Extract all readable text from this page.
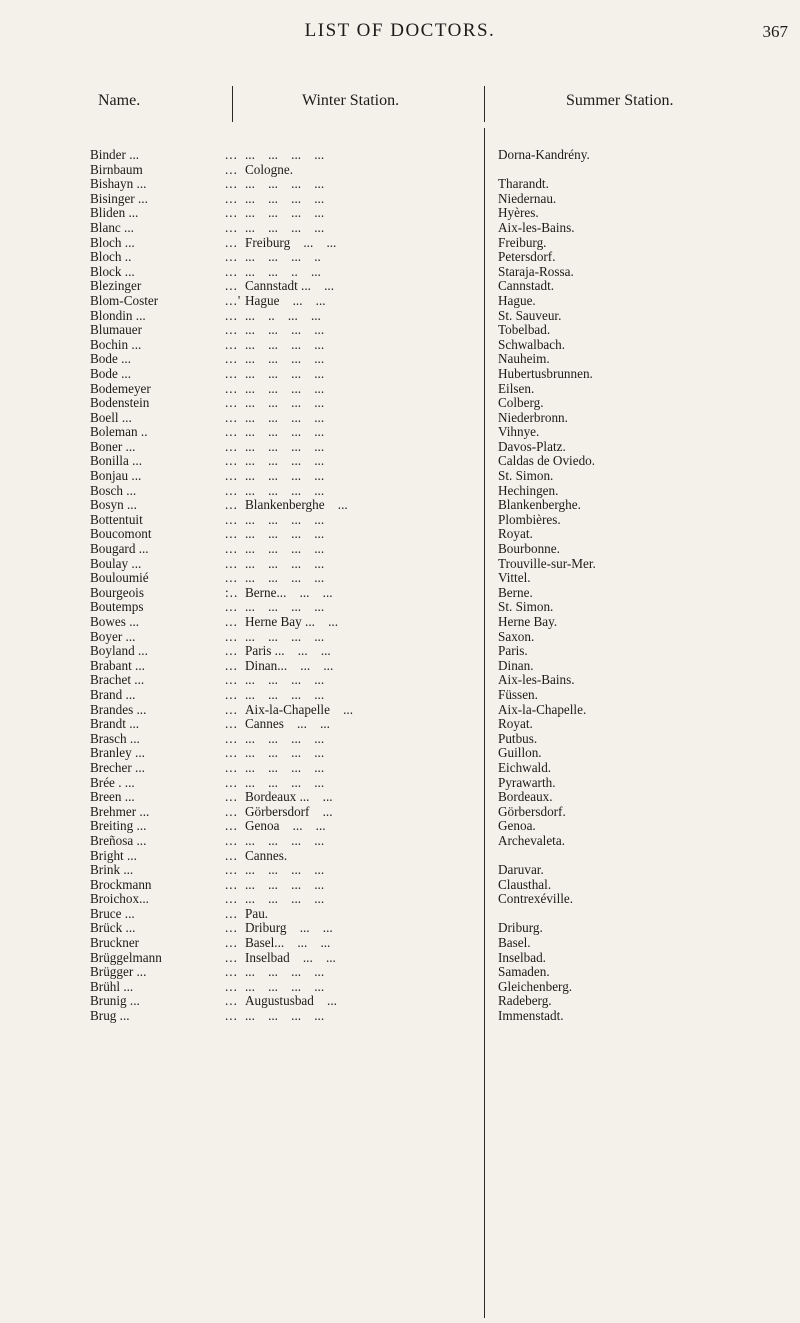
LIST OF DOCTORS.	367
Name.	Winter Station.	Summer Station.
Binder ...	... ...    ...    ...    ...	Dorna-Kandrény.
Birnbaum	... Cologne.
Bishayn ...	... ...    ...    ...    ...	Tharandt.
Bisinger ...	... ...    ...    ...    ...	Niedernau.
Bliden ...	... ...    ...    ...    ...	Hyères.
Blanc ...	... ...    ...    ...    ...	Aix-les-Bains.
Bloch ...	... Freiburg    ...    ...	Freiburg.
Bloch ..	... ...    ...    ...    ..	Petersdorf.
Block ...	... ...    ...    ..    ...	Staraja-Rossa.
Blezinger	... Cannstadt ...    ...	Cannstadt.
Blom-Coster	...' Hague    ...    ...	Hague.
Blondin ...	... ...    ..    ...    ...	St. Sauveur.
Blumauer	... ...    ...    ...    ...	Tobelbad.
Bochin ...	... ...    ...    ...    ...	Schwalbach.
Bode ...	... ...    ...    ...    ...	Nauheim.
Bode ...	... ...    ...    ...    ...	Hubertusbrunnen.
Bodemeyer	... ...    ...    ...    ...	Eilsen.
Bodenstein	... ...    ...    ...    ...	Colberg.
Boell ...	... ...    ...    ...    ...	Niederbronn.
Boleman ..	... ...    ...    ...    ...	Vihnye.
Boner ...	... ...    ...    ...    ...	Davos-Platz.
Bonilla ...	... ...    ...    ...    ...	Caldas de Oviedo.
Bonjau ...	... ...    ...    ...    ...	St. Simon.
Bosch ...	... ...    ...    ...    ...	Hechingen.
Bosyn ...	... Blankenberghe    ...	Blankenberghe.
Bottentuit	... ...    ...    ...    ...	Plombières.
Boucomont	... ...    ...    ...    ...	Royat.
Bougard ...	... ...    ...    ...    ...	Bourbonne.
Boulay ...	... ...    ...    ...    ...	Trouville-sur-Mer.
Bouloumié	... ...    ...    ...    ...	Vittel.
Bourgeois	:.. Berne...    ...    ...	Berne.
Boutemps	... ...    ...    ...    ...	St. Simon.
Bowes ...	... Herne Bay ...    ...	Herne Bay.
Boyer ...	... ...    ...    ...    ...	Saxon.
Boyland ...	... Paris ...    ...    ...	Paris.
Brabant ...	... Dinan...    ...    ...	Dinan.
Brachet ...	... ...    ...    ...    ...	Aix-les-Bains.
Brand ...	... ...    ...    ...    ...	Füssen.
Brandes ...	... Aix-la-Chapelle    ...	Aix-la-Chapelle.
Brandt ...	... Cannes    ...    ...	Royat.
Brasch ...	... ...    ...    ...    ...	Putbus.
Branley ...	... ...    ...    ...    ...	Guillon.
Brecher ...	... ...    ...    ...    ...	Eichwald.
Brée . ...	... ...    ...    ...    ...	Pyrawarth.
Breen ...	... Bordeaux ...    ...	Bordeaux.
Brehmer ...	... Görbersdorf    ...	Görbersdorf.
Breiting ...	... Genoa    ...    ...	Genoa.
Breñosa ...	... ...    ...    ...    ...	Archevaleta.
Bright ...	... Cannes.
Brink ...	... ...    ...    ...    ...	Daruvar.
Brockmann	... ...    ...    ...    ...	Clausthal.
Broichox...	... ...    ...    ...    ...	Contrexéville.
Bruce ...	... Pau.
Brück ...	... Driburg    ...    ...	Driburg.
Bruckner	... Basel...    ...    ...	Basel.
Brüggelmann	... Inselbad    ...    ...	Inselbad.
Brügger ...	... ...    ...    ...    ...	Samaden.
Brühl ...	... ...    ...    ...    ...	Gleichenberg.
Brunig ...	... Augustusbad    ...	Radeberg.
Brug ...	... ...    ...    ...    ...	Immenstadt.
